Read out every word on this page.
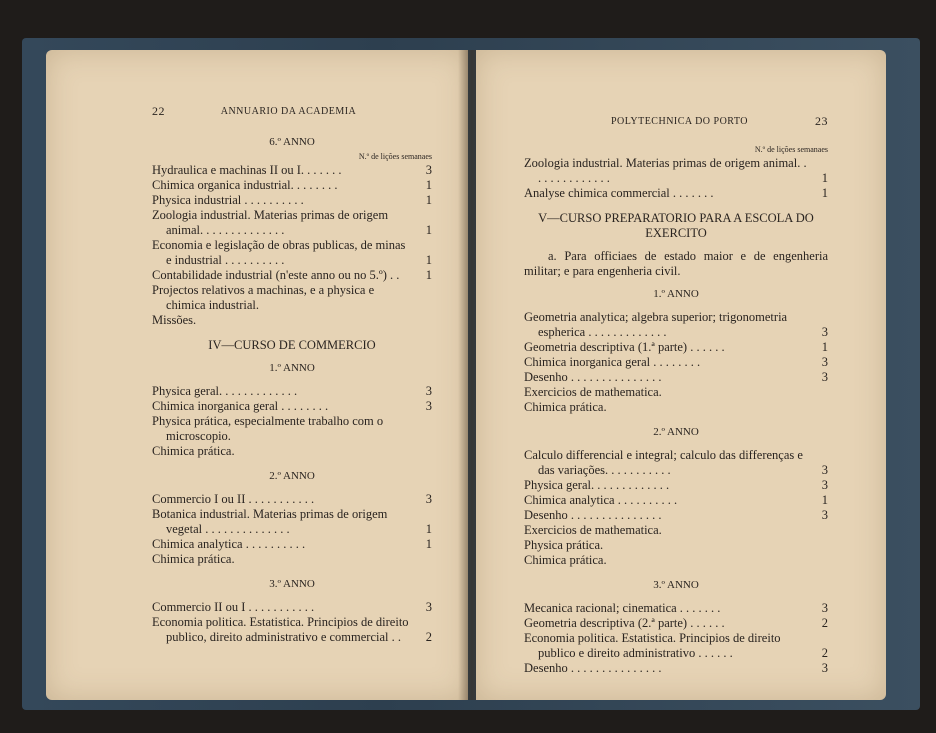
22	ANNUARIO DA ACADEMIA
6.º ANNO
N.º de lições semanaes
Hydraulica e machinas II ou I. . . . . . .	3
Chimica organica industrial. . . . . . . .	1
Physica industrial . . . . . . . . . .	1
Zoologia industrial. Materias primas de origem animal. . . . . . . . . . . . . .	1
Economia e legislação de obras publicas, de minas e industrial . . . . . . . . . .	1
Contabilidade industrial (n'este anno ou no 5.º) . .	1
Projectos relativos a machinas, e a physica e chimica industrial.
Missões.
IV—CURSO DE COMMERCIO
1.º ANNO
Physica geral. . . . . . . . . . . . .	3
Chimica inorganica geral . . . . . . . .	3
Physica prática, especialmente trabalho com o microscopio.
Chimica prática.
2.º ANNO
Commercio I ou II . . . . . . . . . . .	3
Botanica industrial. Materias primas de origem vegetal . . . . . . . . . . . . . .	1
Chimica analytica . . . . . . . . . .	1
Chimica prática.
3.º ANNO
Commercio II ou I . . . . . . . . . . .	3
Economia politica. Estatistica. Principios de direito publico, direito administrativo e commercial . .	2
POLYTECHNICA DO PORTO	23
N.º de lições semanaes
Zoologia industrial. Materias primas de origem animal. . . . . . . . . . . . . .	1
Analyse chimica commercial . . . . . . .	1
V—CURSO PREPARATORIO PARA A ESCOLA DO EXERCITO
a. Para officiaes de estado maior e de engenheria militar; e para engenheria civil.
1.º ANNO
Geometria analytica; algebra superior; trigonometria espherica . . . . . . . . . . . . .	3
Geometria descriptiva (1.ª parte) . . . . . .	1
Chimica inorganica geral . . . . . . . .	3
Desenho . . . . . . . . . . . . . . .	3
Exercicios de mathematica.
Chimica prática.
2.º ANNO
Calculo differencial e integral; calculo das differenças e das variações. . . . . . . . . . .	3
Physica geral. . . . . . . . . . . . .	3
Chimica analytica . . . . . . . . . .	1
Desenho . . . . . . . . . . . . . . .	3
Exercicios de mathematica.
Physica prática.
Chimica prática.
3.º ANNO
Mecanica racional; cinematica . . . . . . .	3
Geometria descriptiva (2.ª parte) . . . . . .	2
Economia politica. Estatistica. Principios de direito publico e direito administrativo . . . . . .	2
Desenho . . . . . . . . . . . . . . .	3
